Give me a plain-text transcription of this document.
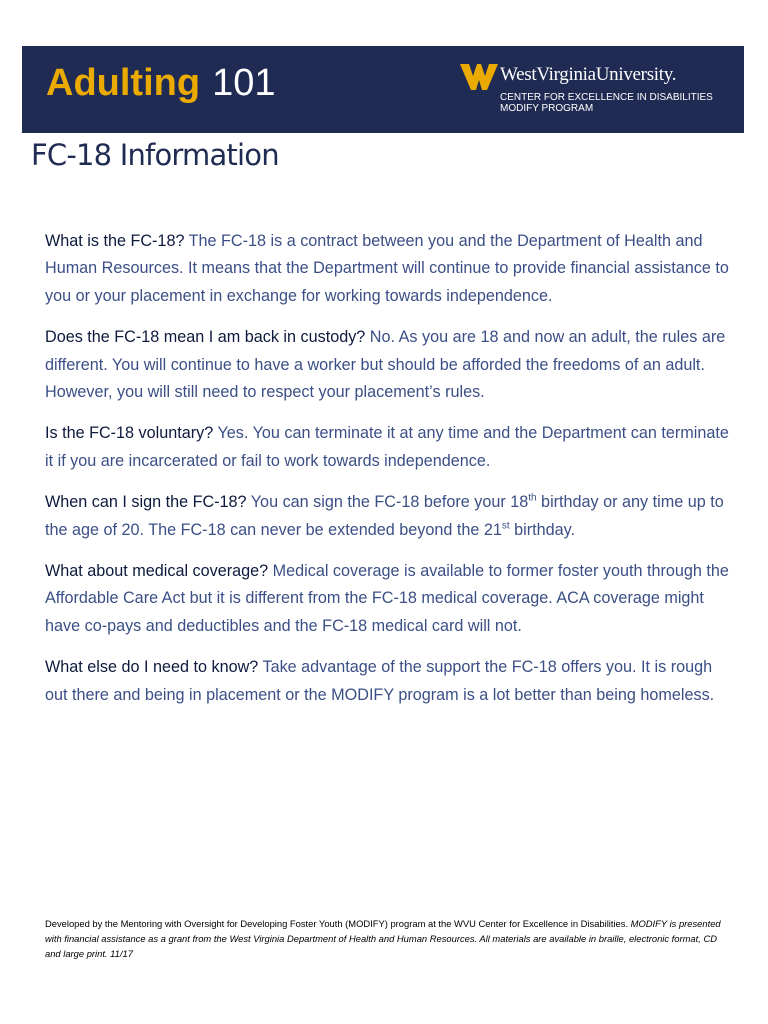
Adulting 101	WestVirginiaUniversity.
CENTER FOR EXCELLENCE IN DISABILITIES
MODIFY PROGRAM
FC-18 Information

What is the FC-18? The FC-18 is a contract between you and the Department of Health and Human Resources. It means that the Department will continue to provide financial assistance to you or your placement in exchange for working towards independence.

Does the FC-18 mean I am back in custody? No. As you are 18 and now an adult, the rules are different. You will continue to have a worker but should be afforded the freedoms of an adult. However, you will still need to respect your placement’s rules.

Is the FC-18 voluntary? Yes. You can terminate it at any time and the Department can terminate it if you are incarcerated or fail to work towards independence.

When can I sign the FC-18? You can sign the FC-18 before your 18th birthday or any time up to the age of 20. The FC-18 can never be extended beyond the 21st birthday.

What about medical coverage? Medical coverage is available to former foster youth through the Affordable Care Act but it is different from the FC-18 medical coverage. ACA coverage might have co-pays and deductibles and the FC-18 medical card will not.

What else do I need to know? Take advantage of the support the FC-18 offers you. It is rough out there and being in placement or the MODIFY program is a lot better than being homeless.

Developed by the Mentoring with Oversight for Developing Foster Youth (MODIFY) program at the WVU Center for Excellence in Disabilities. MODIFY is presented with financial assistance as a grant from the West Virginia Department of Health and Human Resources. All materials are available in braille, electronic format, CD and large print. 11/17
